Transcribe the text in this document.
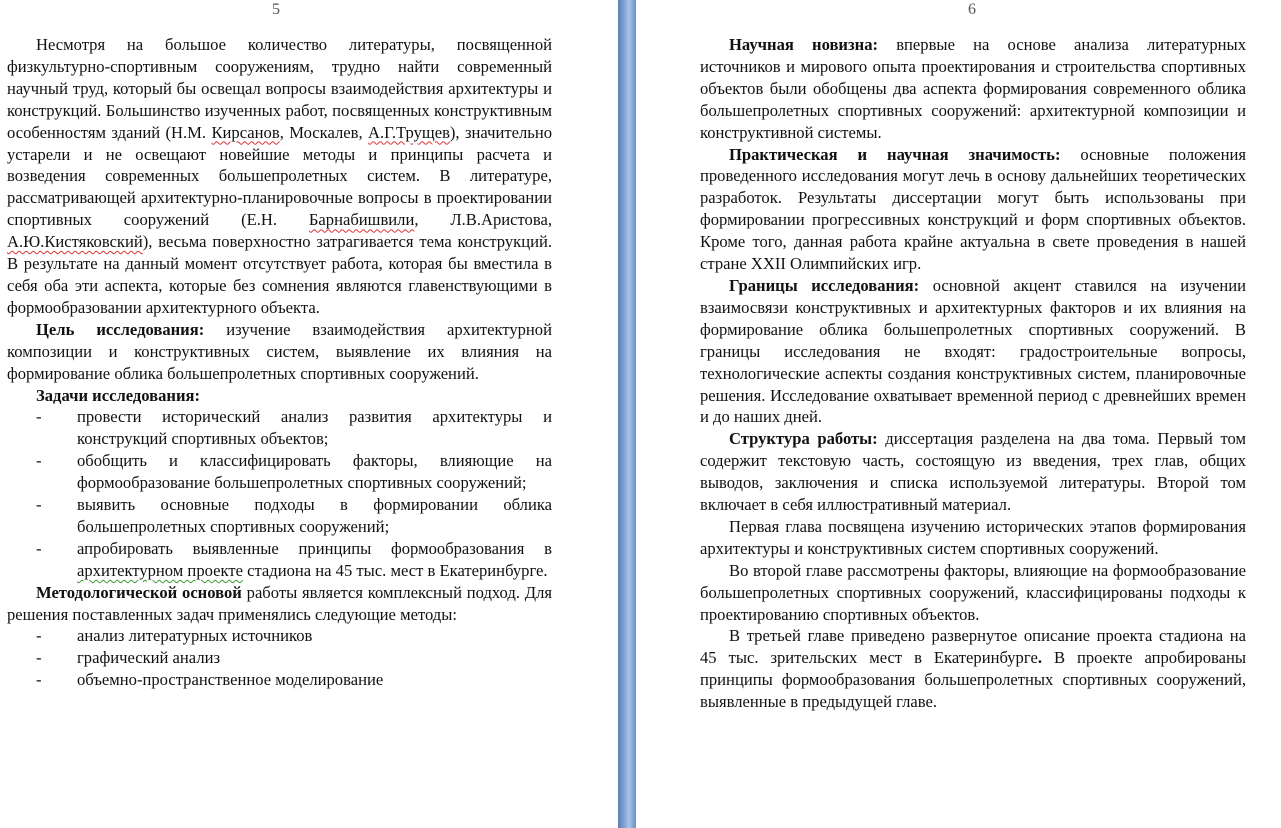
5

Несмотря на большое количество литературы, посвященной физкультурно-спортивным сооружениям, трудно найти современный научный труд, который бы освещал вопросы взаимодействия архитектуры и конструкций. Большинство изученных работ, посвященных конструктивным особенностям зданий (Н.М. Кирсанов, Москалев, А.Г.Трущев), значительно устарели и не освещают новейшие методы и принципы расчета и возведения современных большепролетных систем. В литературе, рассматривающей архитектурно-планировочные вопросы в проектировании спортивных сооружений (Е.Н. Барнабишвили, Л.В.Аристова, А.Ю.Кистяковский), весьма поверхностно затрагивается тема конструкций. В результате на данный момент отсутствует работа, которая бы вместила в себя оба эти аспекта, которые без сомнения являются главенствующими в формообразовании архитектурного объекта.

Цель исследования: изучение взаимодействия архитектурной композиции и конструктивных систем, выявление их влияния на формирование облика большепролетных спортивных сооружений.

Задачи исследования:

- провести исторический анализ развития архитектуры и конструкций спортивных объектов;
- обобщить и классифицировать факторы, влияющие на формообразование большепролетных спортивных сооружений;
- выявить основные подходы в формировании облика большепролетных спортивных сооружений;
- апробировать выявленные принципы формообразования в архитектурном проекте стадиона на 45 тыс. мест в Екатеринбурге.

Методологической основой работы является комплексный подход. Для решения поставленных задач применялись следующие методы:

- анализ литературных источников
- графический анализ
- объемно-пространственное моделирование
6

Научная новизна: впервые на основе анализа литературных источников и мирового опыта проектирования и строительства спортивных объектов были обобщены два аспекта формирования современного облика большепролетных спортивных сооружений: архитектурной композиции и конструктивной системы.

Практическая и научная значимость: основные положения проведенного исследования могут лечь в основу дальнейших теоретических разработок. Результаты диссертации могут быть использованы при формировании прогрессивных конструкций и форм спортивных объектов. Кроме того, данная работа крайне актуальна в свете проведения в нашей стране XXII Олимпийских игр.

Границы исследования: основной акцент ставился на изучении взаимосвязи конструктивных и архитектурных факторов и их влияния на формирование облика большепролетных спортивных сооружений. В границы исследования не входят: градостроительные вопросы, технологические аспекты создания конструктивных систем, планировочные решения. Исследование охватывает временной период с древнейших времен и до наших дней.

Структура работы: диссертация разделена на два тома. Первый том содержит текстовую часть, состоящую из введения, трех глав, общих выводов, заключения и списка используемой литературы. Второй том включает в себя иллюстративный материал.

Первая глава посвящена изучению исторических этапов формирования архитектуры и конструктивных систем спортивных сооружений.

Во второй главе рассмотрены факторы, влияющие на формообразование большепролетных спортивных сооружений, классифицированы подходы к проектированию спортивных объектов.

В третьей главе приведено развернутое описание проекта стадиона на 45 тыс. зрительских мест в Екатеринбурге. В проекте апробированы принципы формообразования большепролетных спортивных сооружений, выявленные в предыдущей главе.
